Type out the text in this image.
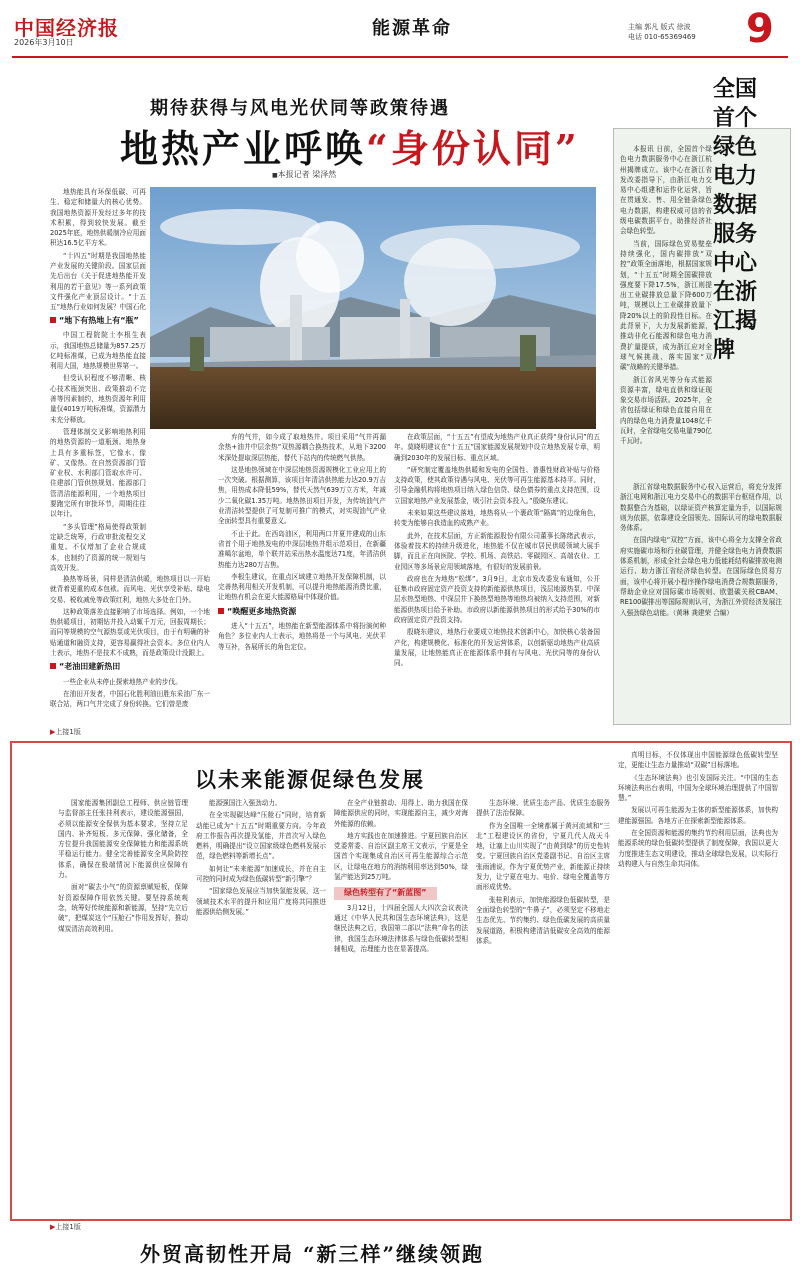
中国经济报
2026年3月10日
能源革命	主编 郭凡 版式 徐波
电话 010-65369469 9
期待获得与风电光伏同等政策待遇
地热产业呼唤“身份认同”
■本报记者 梁泽然

地热能具有环保低碳、可再生、稳定和储量大的核心优势。我国地热资源开发经过多年的技术积累，得到较快发展。截至2025年底，地热供暖制冷应用面积达16.5亿平方米。

“十四五”时期是我国地热能产业发展的关键阶段。国家层面先后出台《关于促进地热能开发利用的若干意见》等一系列政策文件强化产业顶层设计。“十五五”地热行业如何发展？中国石化

“地下有热地上有“瓶”

中国工程院院士李根生表示，我国地热总储量为857.25万亿吨标准煤，已成为地热能直接利用大国，地热规模世界第一。

但受认识程度不够清晰、核心技术瓶颈突出、政策推动不完善等因素制约，地热资源年利用量仅4019万吨标准煤，资源潜力未充分释放。

管理体制交叉影响地热利用的地热资源的一道瓶颈。地热身上具有多重标签，它像水、像矿、又像热。在自然资源部门管矿业权、水利部门管取水许可、住建部门管供热规划、能源部门管清洁能源利用，一个地热项目要跑完所有审批环节，周期往往以年计。

“多头管理”格局使得政策制定缺乏统筹，行政审批流程交叉重复。不仅增加了企业合规成本，也制约了资源的统一规划与高效开发。

换热等场景，同样是清洁供暖，地热项目以一开始就背着更重的成本包袱。而风电、光伏享受补贴、绿电交易、税收减免等政策红利，地热大多处在门外。

这种政策落差直接影响了市场选择。例如，一个地热供暖项目，初期钻井投入动辄千万元，回报周期长；而同等规模的空气源热泵或光伏项目，由于有明确的补贴通道和融资支持，更容易赢得社会资本。多位业内人士表示，地热不是技术不成熟，而是政策设计没跟上。

“老油田建新热田

一些企业从未停止探索地热产业的步伐。

在油田开发者，中国石化胜利油田胜东采油厂东一联合站，两口气井完成了身份转换。它们曾是废

弃的气井，如今成了取地热井。项目采用“气井再漏余热+油井中层余热”双热源耦合换热技术，从地下3200米深处提取深层热能，替代下站内的传统燃气供热。

这是地热领域在中深层地热资源规模化工业应用上的一次突破。根据测算，该项目年清洁供热能力达20.9万吉焦，用热成本降低59%，替代天然气639万立方米，年减少二氧化碳1.35万吨。地热热田项目开发，为传统油气产业清洁转型提供了可复制可推广的模式，对实现油气产业全面转型具有重要意义。

不止于此。在西岛油区，利用两口井夏井建成的山东省首个用于地热发电的中深层地热井组示范项目，在新疆准噶尔盆地，单个联井站采出热水温度达71度，年清洁供热能力达280万吉焦。

李根生建议，在重点区域建立地热开发保障机制，以完善热利用相关开发机制，可以提升地热能源消费比重，让地热有机会在更大能源格局中体现价值。

“唤醒更多地热资源

进入“十五五”，地热能在新型能源体系中将扮演何种角色？多位业内人士表示，地热将是一个与风电、光伏平等互补，各展所长的角色定位。

在政策层面，“十五五”有望成为地热产业真正获得“身份认同”的五年。莫晓明建议在“十五五”国家能源发展规划中设立地热发展专章，明确到2030年的发展目标、重点区域。

“研究制定覆盖地热供暖和发电的全国性、普惠性财政补贴与价格支持政策，使其政策待遇与风电、光伏等可再生能源基本持平。同时，引导金融机构将地热项目纳入绿色信贷、绿色债券的重点支持范围，设立国家地热产业发展基金，吸引社会资本投入。”殷晓东建议。

未来如果这些建议落地，地热将从一个裹政策“隔离”的边缘角色，转变为能够自我造血的成熟产业。

此外，在技术层面，方正新能源股份有限公司董事长陈绪武表示，体验着技术的持续升级进化，地热能不仅在城市居民供暖领域大展手脚，而且正在向医院、学校、机场、高铁站、零碳园区、高端农业、工业园区等多场景应用领域落地，有很好的发展前景。

政府也在为地热“松绑”。3月9日，北京市发改委发布通知，公开征集市政府固定资产投资支持的新能源供热项目，浅层地源热泵、中深层水热型地热、中深层井下换热型地热等地热均被纳入支持范围，对新能源供热项目给予补助。市政府以新能源供热项目的形式给予30%的市政府固定资产投资支持。

殷晓东建议，地热行业要成立地热技术创新中心，加快核心装备国产化，构建规模化、标准化的开发运营体系，以创新驱动地热产业高质量发展，让地热能真正在能源体系中拥有与风电、光伏同等的身份认同。

全国首个绿色电力数据服务中心在浙江揭牌

本报讯 日前，全国首个绿色电力数据服务中心在浙江杭州揭牌成立。该中心在浙江省发改委指导下，由浙江电力交易中心组建和运作化运营，旨在贯通发、售、用全链条绿色电力数据，构建权威可信的省级电碳数据平台，助推经济社会绿色转型。

当前，国际绿色贸易壁垒持续强化，国内碳排放“双控”政策全面落地，根据国家规划，“十五五”时期全国碳排放强度要下降17.5%，浙江则提出工业碳排放总量下降600万吨，规模以上工业碳排放量下降20%以上的阶段性目标。在此背景下，大力发展新能源，推动非化石能源和绿色电力消费扩量提质，成为浙江应对全球气候挑战、落实国家“双碳”战略的关键举措。

浙江省风光等分布式能源资源丰富，绿电直供和绿证现象交易市场活跃。2025年，全省包括绿证和绿色直接自用在内的绿色电力消费量1048亿千瓦时，全省绿电交易电量790亿千瓦时。

浙江省绿电数据服务中心权入运营后，将充分发挥浙江电网和浙江电力交易中心的数据平台枢纽作用，以数据整合为基础，以绿证资产核算定量为手，以国际规则为依据，依靠建设全国领先、国际认可的绿电数据服务体系。

在国内绿电“双控”方面，该中心将全力支撑全省政府实施碳市场和行业碳管理，并健全绿色电力消费数据体系机制，形成全社会绿色电力低能耗结构碳排放电测运行、助力浙江省经济绿色转型。在国际绿色贸易方面，该中心将开展小程序操作绿电消费合规数据服务，帮助企业应对国际碳市场规则、欧盟碳关税CBAM、RE100碳排出等国际规则认可，为浙江外贸经济发展注入强劲绿色动能。（黄琳 龚建荣 合编）

▶上接1版
以未来能源促绿色发展

国家能源集团副总工程师、供应链管理与监督部主任张挂利表示，建设能源强国，必须以能源安全保供为基本要求，坚持立足国内、补齐短板、多元保障、强化储备，全方位提升我国能源安全保障能力和能源系统平稳运行能力。健全完善能源安全风险防控体系，确保在极端情况下能源供应保障有力。

面对“碳去小气”的资源禀赋短板，保障好资源保障作用依然关键。要坚持系统观念，统筹好传统能源和新能源，坚持“先立后破”，把煤炭这个“压舱石”作用发挥好，推动煤炭清洁高效利用。

能源强国注入强劲动力。

在全实现碳达峰“压舱石”同时，培育新动能已成为“十五五”时期重要方向。今年政府工作报告再次提及氢能，并首次写入绿色燃料，明确提出“设立国家级绿色燃料发展示范，绿色燃料等新增长点”。

如何让“未来能源”加速成长，并在自主可控的同时成为绿色低碳转型“新引擎”？

“国家绿色发展应当加快氢能发展，这一领域技术水平的提升和应用广度将共同推进能源供给侧发展。”

在全产业链推动、用得上、助力我国在保障能源供应的同时，实现能源自主，减少对海外能源的依赖。

地方实践也在加速推进。宁夏回族自治区党委常委、自治区副主席王文表示，宁夏是全国首个实现集成自治区可再生能源综合示范区，让绿电在地方的消纳利用率达到50%，绿氢产能达到25万吨。

绿色转型有了“新蓝图”

3月12日，十四届全国人大四次会议表决通过《中华人民共和国生态环境法典》，这是继民法典之后，我国第二部以“法典”命名的法律，我国生态环境法律体系与绿色低碳转型相辅相成，治理能力也在显著提高。

生态环境、优质生态产品、优质生态服务提供了法治保障。

作为全国唯一全境都属于黄河流域和“三北”工程建设区的省份，宁夏几代人战天斗地，让塞上山川实现了“由黄到绿”的历史性转变。宁夏回族自治区党委副书记、自治区主席张雨浦说，作为宁夏优势产业，新能源正持续发力，让宁夏在电力、电价、绿电全覆盖等方面形成优势。

张桂利表示，加快能源绿色低碳转型，是全面绿色转型的“牛鼻子”，必须坚定不移地走生态优先、节约集约、绿色低碳发展的高质量发展道路，积极构建清洁低碳安全高效的能源体系。

真明目标，不仅体现出中国能源绿色低碳转型坚定，更能让生态力量推动“双碳”目标落地。

《生态环境法典》也引发国际关注。“中国的生态环境法典出台表明，中国为全球环境治理提供了中国智慧。”

发展以可再生能源为主体的新型能源体系，加快构建能源强国。各地方正在探索新型能源体系。

在全国资源和能源的集约节约利用层面，法典也为能源系统的绿色低碳转型提供了制度保障，我国以更大力度推进生态文明建设，推动全球绿色发展，以实际行动构建人与自然生命共同体。

▶上接1版
外贸高韧性开局 “新三样”继续领跑
